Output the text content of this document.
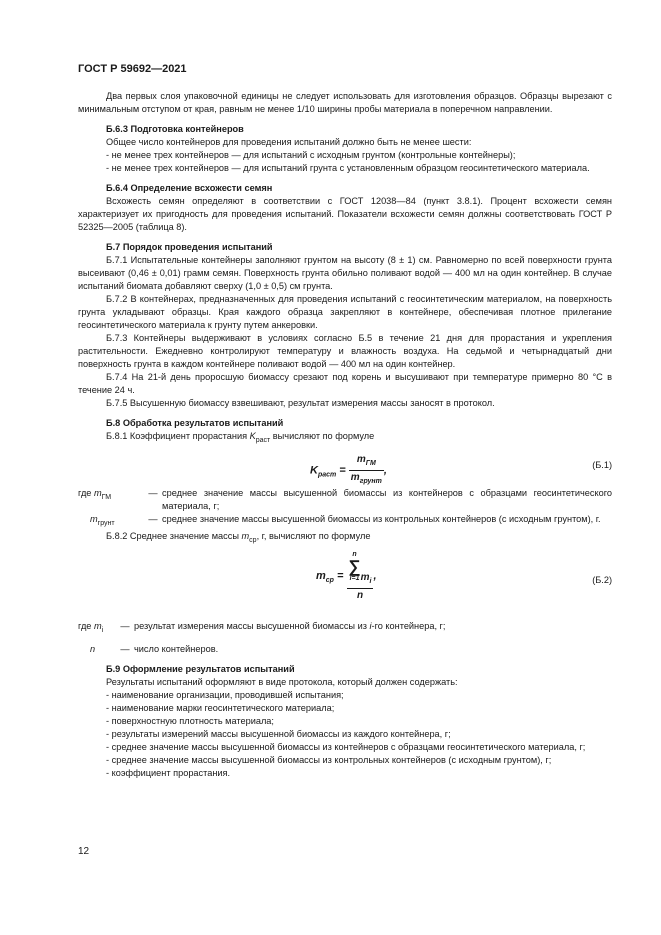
ГОСТ Р 59692—2021

Два первых слоя упаковочной единицы не следует использовать для изготовления образцов. Образцы вырезают с минимальным отступом от края, равным не менее 1/10 ширины пробы материала в поперечном направлении.

Б.6.3 Подготовка контейнеров

Общее число контейнеров для проведения испытаний должно быть не менее шести:

- не менее трех контейнеров — для испытаний с исходным грунтом (контрольные контейнеры);

- не менее трех контейнеров — для испытаний грунта с установленным образцом геосинтетического материала.

Б.6.4 Определение всхожести семян

Всхожесть семян определяют в соответствии с ГОСТ 12038—84 (пункт 3.8.1). Процент всхожести семян характеризует их пригодность для проведения испытаний. Показатели всхожести семян должны соответствовать ГОСТ Р 52325—2005 (таблица 8).

Б.7 Порядок проведения испытаний

Б.7.1 Испытательные контейнеры заполняют грунтом на высоту (8 ± 1) см. Равномерно по всей поверхности грунта высеивают (0,46 ± 0,01) грамм семян. Поверхность грунта обильно поливают водой — 400 мл на один контейнер. В случае испытаний биомата добавляют сверху (1,0 ± 0,5) см грунта.

Б.7.2 В контейнерах, предназначенных для проведения испытаний с геосинтетическим материалом, на поверхность грунта укладывают образцы. Края каждого образца закрепляют в контейнере, обеспечивая плотное прилегание геосинтетического материала к грунту путем анкеровки.

Б.7.3 Контейнеры выдерживают в условиях согласно Б.5 в течение 21 дня для прорастания и укрепления растительности. Ежедневно контролируют температуру и влажность воздуха. На седьмой и четырнадцатый дни поверхность грунта в каждом контейнере поливают водой — 400 мл на один контейнер.

Б.7.4 На 21-й день проросшую биомассу срезают под корень и высушивают при температуре примерно 80 °С в течение 24 ч.

Б.7.5 Высушенную биомассу взвешивают, результат измерения массы заносят в протокол.

Б.8 Обработка результатов испытаний

Б.8.1 Коэффициент прорастания $K_{раст}$ вычисляют по формуле

$K_{раст} = \frac{m_{ГМ}}{m_{грунт}}$ ,	(Б.1)
где $m_{ГМ}$	— среднее значение массы высушенной биомассы из контейнеров с образцами геосинтетического материала, г;
$m_{грунт}$	— среднее значение массы высушенной биомассы из контрольных контейнеров (с исходным грунтом), г.

Б.8.2 Среднее значение массы $m_{ср}$, г, вычисляют по формуле

$m_{ср} = n$
∑
i=1 $m_i$
n ,	(Б.2)
где $m_i$	— результат измерения массы высушенной биомассы из i-го контейнера, г;
n	— число контейнеров.

Б.9 Оформление результатов испытаний

Результаты испытаний оформляют в виде протокола, который должен содержать:

- наименование организации, проводившей испытания;

- наименование марки геосинтетического материала;

- поверхностную плотность материала;

- результаты измерений массы высушенной биомассы из каждого контейнера, г;

- среднее значение массы высушенной биомассы из контейнеров с образцами геосинтетического материала, г;

- среднее значение массы высушенной биомассы из контрольных контейнеров (с исходным грунтом), г;

- коэффициент прорастания.

12
